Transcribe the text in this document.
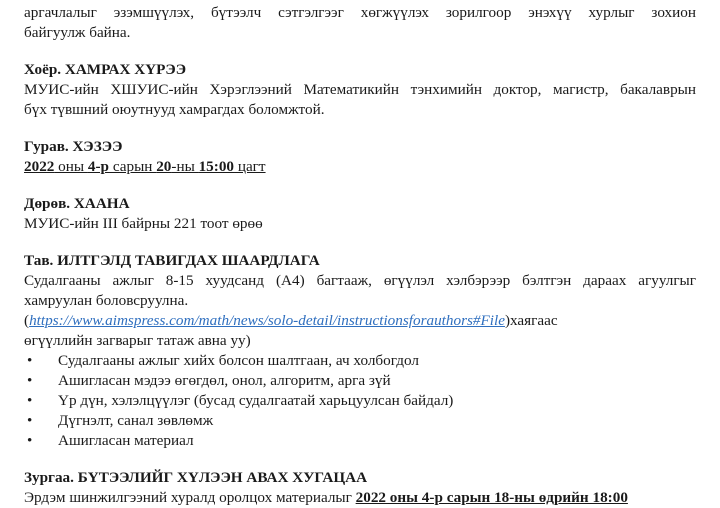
аргачлалыг эзэмшүүлэх, бүтээлч сэтгэлгээг хөгжүүлэх зорилгоор энэхүү хурлыг зохион
байгуулж байна.
Хоёр. ХАМРАХ ХҮРЭЭ
МУИС-ийн ХШУИС-ийн Хэрэглээний Математикийн тэнхимийн доктор, магистр, бакалаврын
бүх түвшний оюутнууд хамрагдах боломжтой.
Гурав. ХЭЗЭЭ
2022 оны 4-р сарын 20-ны 15:00 цагт
Дөрөв. ХААНА
МУИС-ийн III байрны 221 тоот өрөө
Тав. ИЛТГЭЛД ТАВИГДАХ ШААРДЛАГА
Судалгааны ажлыг 8-15 хуудсанд (А4) багтааж, өгүүлэл хэлбэрээр бэлтгэн дараах агуулгыг
хамруулан боловсруулна.
(https://www.aimspress.com/math/news/solo-detail/instructionsforauthors#File)хаягаас
өгүүллийн загварыг татаж авна уу)
• Судалгааны ажлыг хийх болсон шалтгаан, ач холбогдол
• Ашигласан мэдээ өгөгдөл, онол, алгоритм, арга зүй
• Үр дүн, хэлэлцүүлэг (бусад судалгаатай харьцуулсан байдал)
• Дүгнэлт, санал зөвлөмж
• Ашигласан материал
Зургаа. БҮТЭЭЛИЙГ ХҮЛЭЭН АВАХ ХУГАЦАА
Эрдэм шинжилгээний хуралд оролцох материалыг 2022 оны 4-р сарын 18-ны өдрийн 18:00
